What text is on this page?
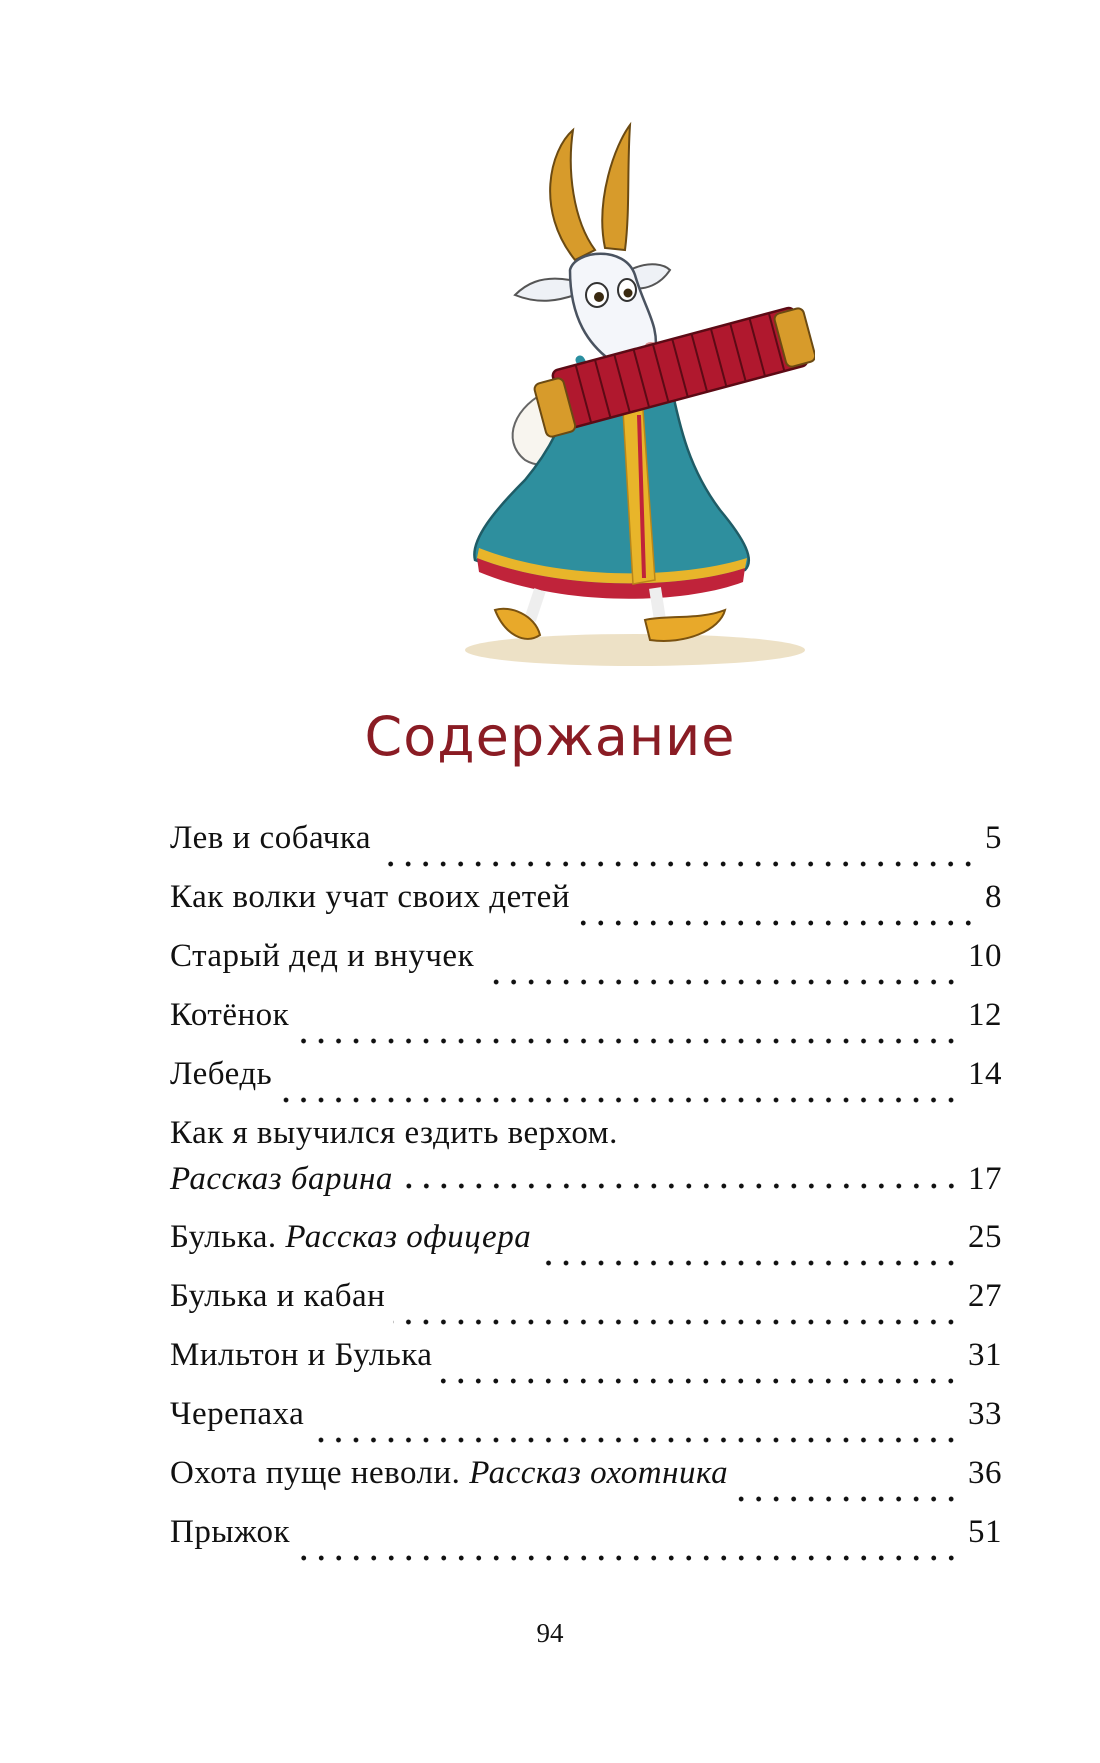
Содержание
Лев и собачка	5
Как волки учат своих детей	8
Старый дед и внучек	10
Котёнок	12
Лебедь	14
Как я выучился ездить верхом.
Рассказ барина	17
Булька. Рассказ офицера	25
Булька и кабан	27
Мильтон и Булька	31
Черепаха	33
Охота пуще неволи. Рассказ охотника	36
Прыжок	51
94
